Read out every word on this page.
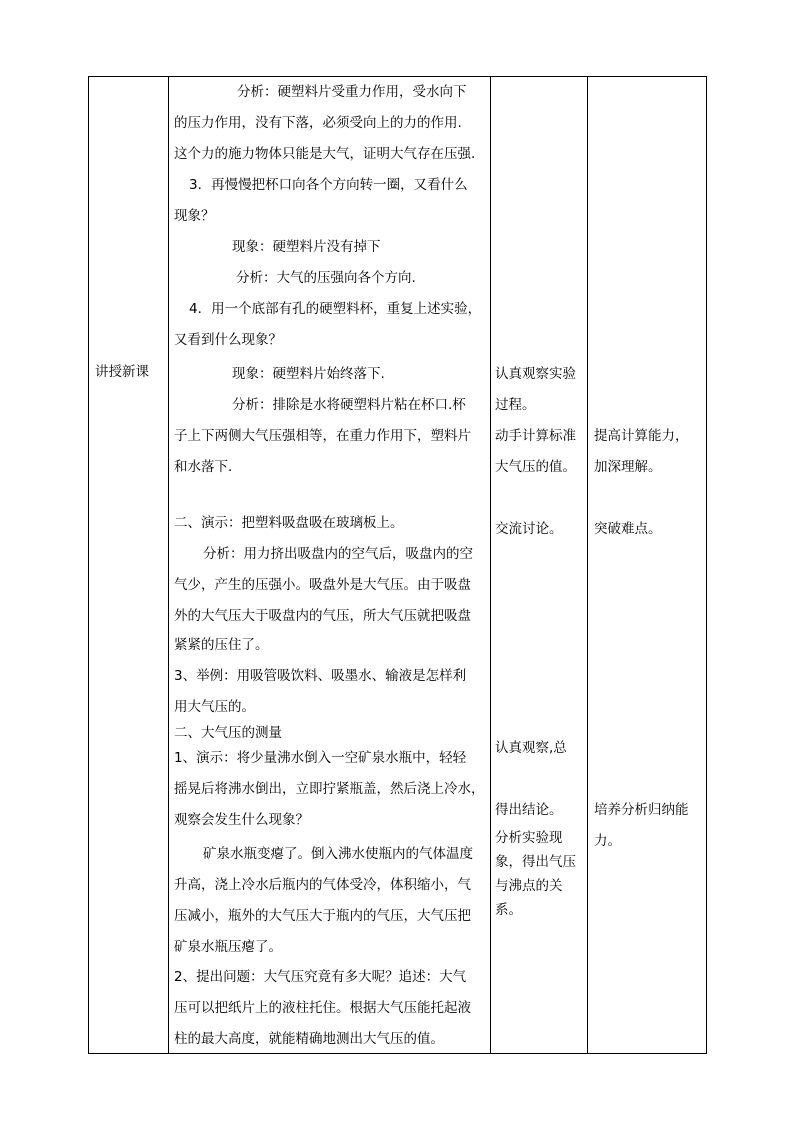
讲授新课
分析：硬塑料片受重力作用，受水向下
的压力作用，没有下落，必须受向上的力的作用.
这个力的施力物体只能是大气，证明大气存在压强.
3．再慢慢把杯口向各个方向转一圈，又看什么
现象？
现象：硬塑料片没有掉下
分析：大气的压强向各个方向.
4．用一个底部有孔的硬塑料杯，重复上述实验，
又看到什么现象？
现象：硬塑料片始终落下.
分析：排除是水将硬塑料片粘在杯口.杯
子上下两侧大气压强相等，在重力作用下，塑料片
和水落下.
二、演示：把塑料吸盘吸在玻璃板上。
分析：用力挤出吸盘内的空气后，吸盘内的空
气少，产生的压强小。吸盘外是大气压。由于吸盘
外的大气压大于吸盘内的气压，所大气压就把吸盘
紧紧的压住了。
3、举例：用吸管吸饮料、吸墨水、输液是怎样利
用大气压的。
二、大气压的测量
1、演示：将少量沸水倒入一空矿泉水瓶中，轻轻
摇晃后将沸水倒出，立即拧紧瓶盖，然后浇上冷水，
观察会发生什么现象？
矿泉水瓶变瘪了。倒入沸水使瓶内的气体温度
升高，浇上冷水后瓶内的气体受冷，体积缩小，气
压减小，瓶外的大气压大于瓶内的气压，大气压把
矿泉水瓶压瘪了。
2、提出问题：大气压究竟有多大呢？追述：大气
压可以把纸片上的液柱托住。根据大气压能托起液
柱的最大高度，就能精确地测出大气压的值。
认真观察实验
过程。
动手计算标准
大气压的值。
交流讨论。
认真观察,总
得出结论。
分析实验现
象，得出气压
与沸点的关
系。
提高计算能力，
加深理解。
突破难点。
培养分析归纳能
力。
